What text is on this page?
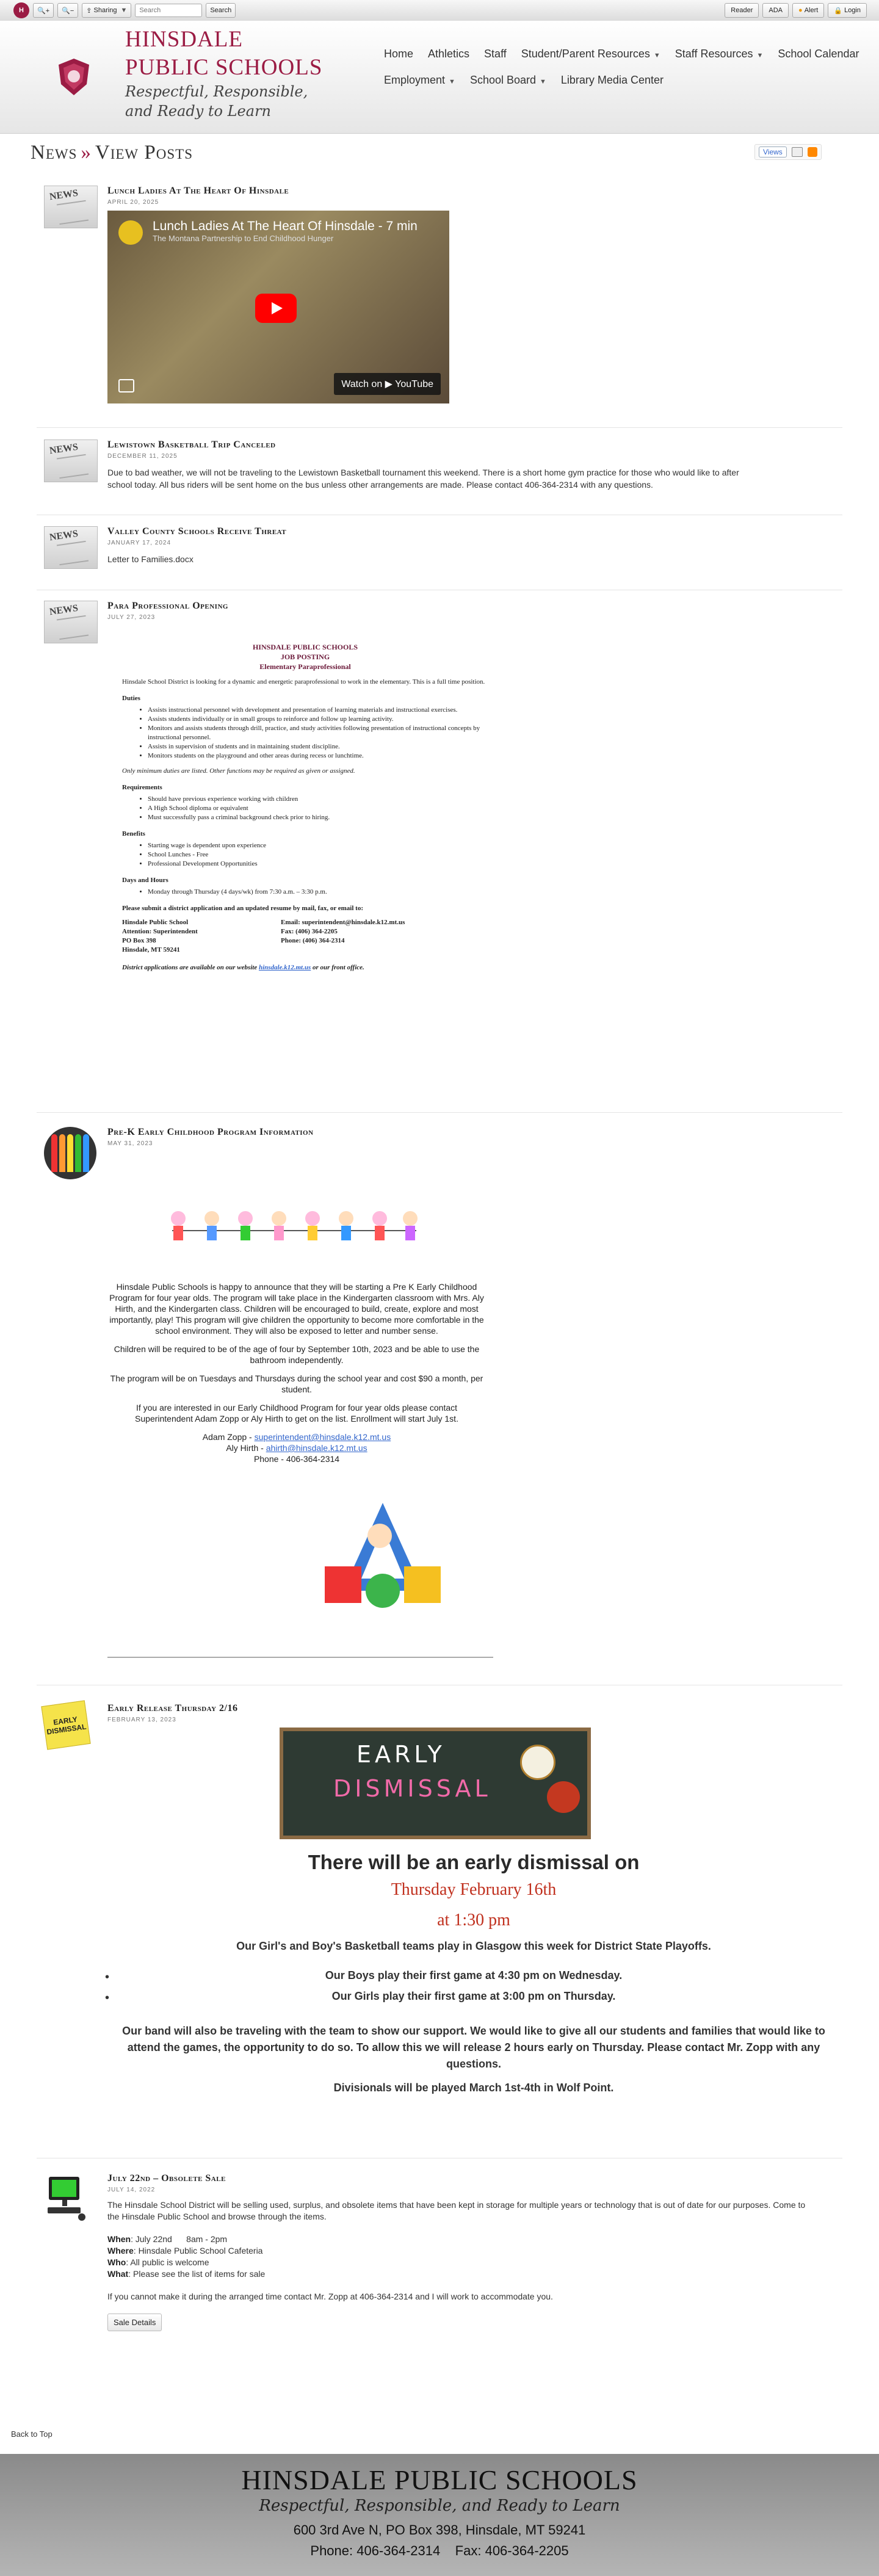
H	🔍+	🔍−	⇪ Sharing ▼
Search	Search	Reader	ADA	● Alert 🔒 Login
HINSDALE PUBLIC SCHOOLS
Respectful, Responsible, and Ready to Learn
Home Athletics Staff Student/Parent Resources ▼ Staff Resources ▼ School Calendar
Employment ▼ School Board ▼ Library Media Center
News » View Posts	Views
NEWS	Lunch Ladies At The Heart Of Hinsdale
APRIL 20, 2025
Lunch Ladies At The Heart Of Hinsdale - 7 min
The Montana Partnership to End Childhood Hunger
Watch on ▶ YouTube
NEWS	Lewistown Basketball Trip Canceled
DECEMBER 11, 2025
Due to bad weather, we will not be traveling to the Lewistown Basketball tournament this weekend. There is a short home gym practice for those who would like to after school today. All bus riders will be sent home on the bus unless other arrangements are made. Please contact 406-364-2314 with any questions.
NEWS	Valley County Schools Receive Threat
JANUARY 17, 2024
Letter to Families.docx
NEWS	Para Professional Opening
JULY 27, 2023
HINSDALE PUBLIC SCHOOLS
JOB POSTING
Elementary Paraprofessional

Hinsdale School District is looking for a dynamic and energetic paraprofessional to work in the elementary. This is a full time position.

Duties
• Assists instructional personnel with development and presentation of learning materials and instructional exercises.
• Assists students individually or in small groups to reinforce and follow up learning activity.
• Monitors and assists students through drill, practice, and study activities following presentation of instructional concepts by instructional personnel.
• Assists in supervision of students and in maintaining student discipline.
• Monitors students on the playground and other areas during recess or lunchtime.

Only minimum duties are listed. Other functions may be required as given or assigned.

Requirements
• Should have previous experience working with children
• A High School diploma or equivalent
• Must successfully pass a criminal background check prior to hiring.
Benefits
• Starting wage is dependent upon experience
• School Lunches - Free
• Professional Development Opportunities
Days and Hours
• Monday through Thursday (4 days/wk) from 7:30 a.m. – 3:30 p.m.

Please submit a district application and an updated resume by mail, fax, or email to:

Hinsdale Public School
Attention: Superintendent
PO Box 398
Hinsdale, MT 59241
Email: superintendent@hinsdale.k12.mt.us
Fax: (406) 364-2205
Phone: (406) 364-2314

District applications are available on our website hinsdale.k12.mt.us or our front office.

Pre-K Early Childhood Program Information
MAY 31, 2023

Hinsdale Public Schools is happy to announce that they will be starting a Pre K Early Childhood Program for four year olds. The program will take place in the Kindergarten classroom with Mrs. Aly Hirth, and the Kindergarten class. Children will be encouraged to build, create, explore and most importantly, play! This program will give children the opportunity to become more comfortable in the school environment. They will also be exposed to letter and number sense.

Children will be required to be of the age of four by September 10th, 2023 and be able to use the bathroom independently.

The program will be on Tuesdays and Thursdays during the school year and cost $90 a month, per student.

If you are interested in our Early Childhood Program for four year olds please contact Superintendent Adam Zopp or Aly Hirth to get on the list. Enrollment will start July 1st.

Adam Zopp - superintendent@hinsdale.k12.mt.us
Aly Hirth - ahirth@hinsdale.k12.mt.us
Phone - 406-364-2314
EARLY DISMISSAL
Early Release Thursday 2/16
FEBRUARY 13, 2023
EARLY
DISMISSAL
There will be an early dismissal on
Thursday February 16th
at 1:30 pm
Our Girl's and Boy's Basketball teams play in Glasgow this week for District State Playoffs.
•	Our Boys play their first game at 4:30 pm on Wednesday.
•	Our Girls play their first game at 3:00 pm on Thursday.
Our band will also be traveling with the team to show our support. We would like to give all our students and families that would like to attend the games, the opportunity to do so. To allow this we will release 2 hours early on Thursday. Please contact Mr. Zopp with any questions.
Divisionals will be played March 1st-4th in Wolf Point.
July 22nd – Obsolete Sale
JULY 14, 2022

The Hinsdale School District will be selling used, surplus, and obsolete items that have been kept in storage for multiple years or technology that is out of date for our purposes. Come to the Hinsdale Public School and browse through the items.

When: July 22nd      8am - 2pm
Where: Hinsdale Public School Cafeteria
Who: All public is welcome
What: Please see the list of items for sale

If you cannot make it during the arranged time contact Mr. Zopp at 406-364-2314 and I will work to accommodate you.

Sale Details
Back to Top
HINSDALE PUBLIC SCHOOLS
Respectful, Responsible, and Ready to Learn
600 3rd Ave N, PO Box 398, Hinsdale, MT 59241
Phone: 406-364-2314    Fax: 406-364-2205
